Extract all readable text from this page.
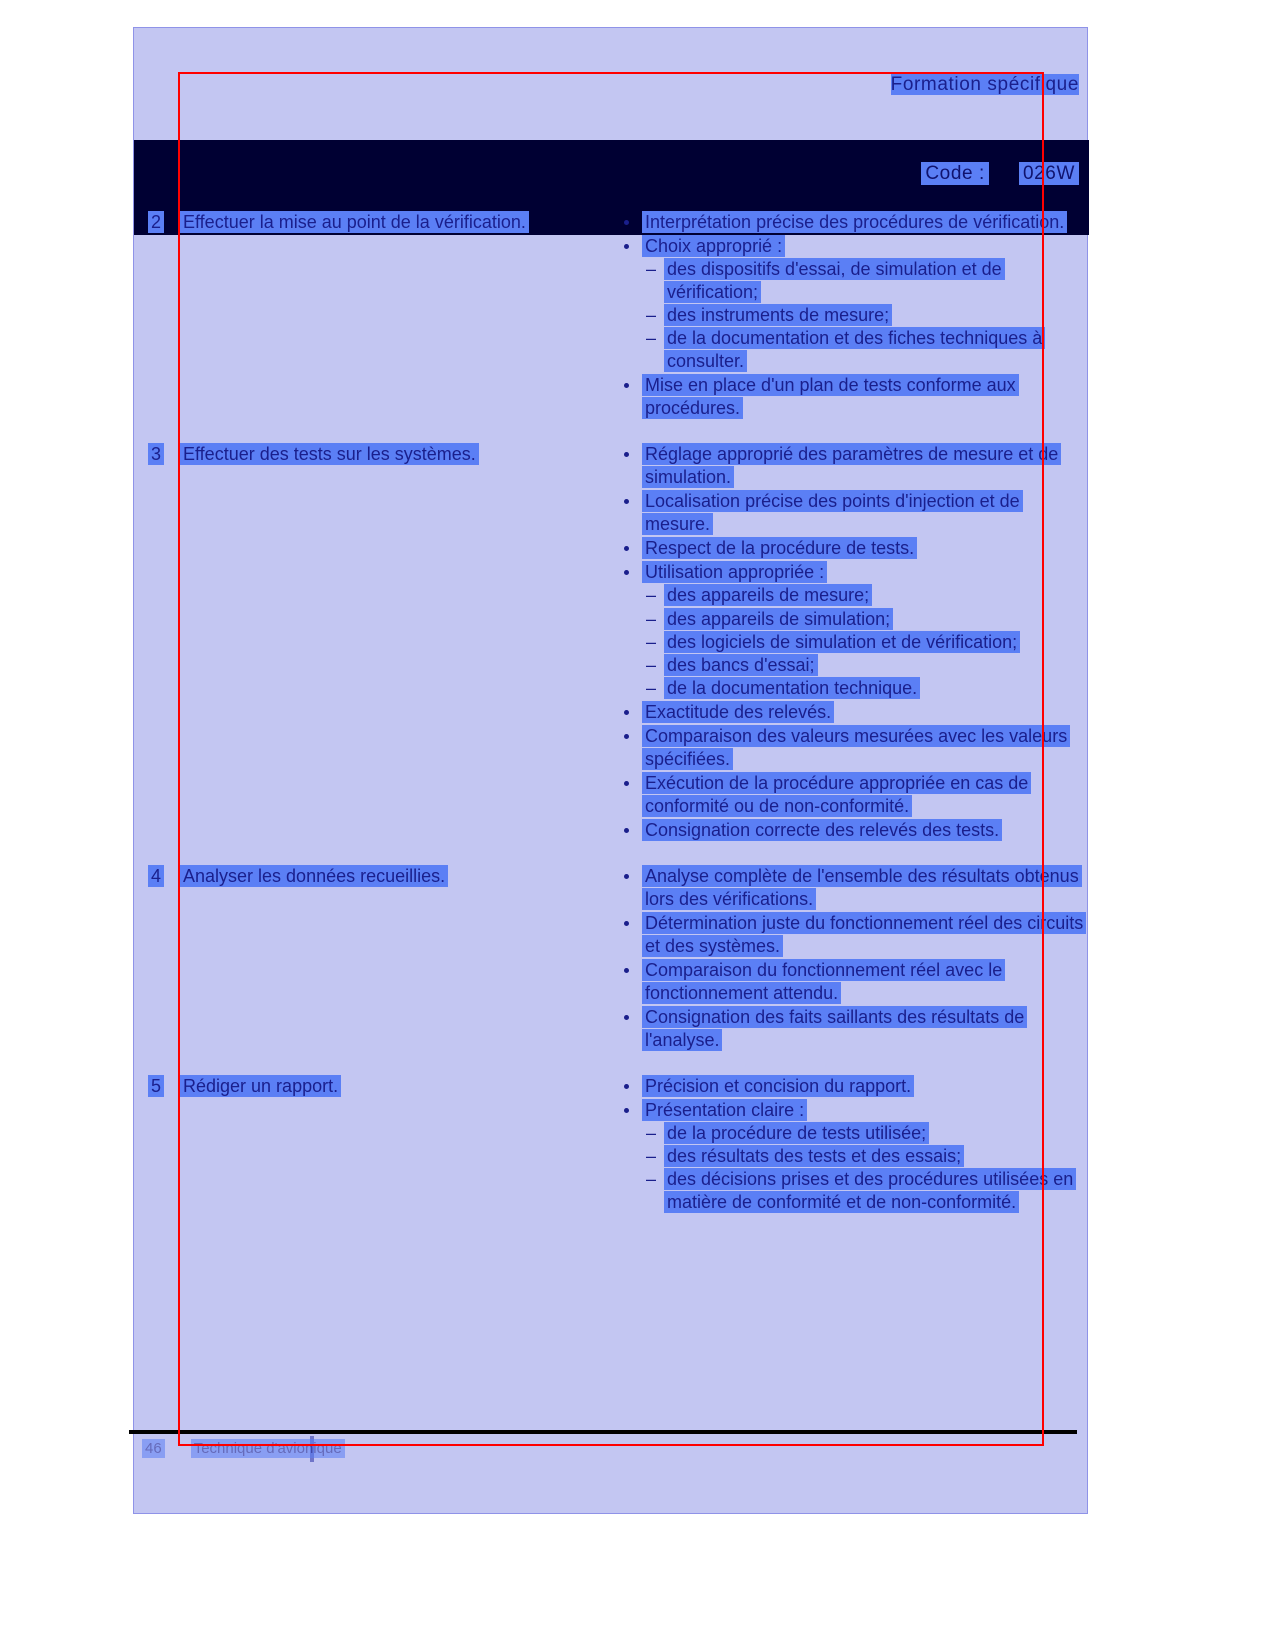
Formation spécifique
Code : 026W
2	Effectuer la mise au point de la vérification.	Interprétation précise des procédures de vérification.
Choix approprié :
– des dispositifs d'essai, de simulation et de vérification;
– des instruments de mesure;
– de la documentation et des fiches techniques à consulter.
Mise en place d'un plan de tests conforme aux procédures.
3	Effectuer des tests sur les systèmes.	Réglage approprié des paramètres de mesure et de simulation.
Localisation précise des points d'injection et de mesure.
Respect de la procédure de tests.
Utilisation appropriée :
– des appareils de mesure;
– des appareils de simulation;
– des logiciels de simulation et de vérification;
– des bancs d'essai;
– de la documentation technique.
Exactitude des relevés.
Comparaison des valeurs mesurées avec les valeurs spécifiées.
Exécution de la procédure appropriée en cas de conformité ou de non-conformité.
Consignation correcte des relevés des tests.
4	Analyser les données recueillies.	Analyse complète de l'ensemble des résultats obtenus lors des vérifications.
Détermination juste du fonctionnement réel des circuits et des systèmes.
Comparaison du fonctionnement réel avec le fonctionnement attendu.
Consignation des faits saillants des résultats de l'analyse.
5	Rédiger un rapport.	Précision et concision du rapport.
Présentation claire :
– de la procédure de tests utilisée;
– des résultats des tests et des essais;
– des décisions prises et des procédures utilisées en matière de conformité et de non-conformité.
46 Technique d'avionique
